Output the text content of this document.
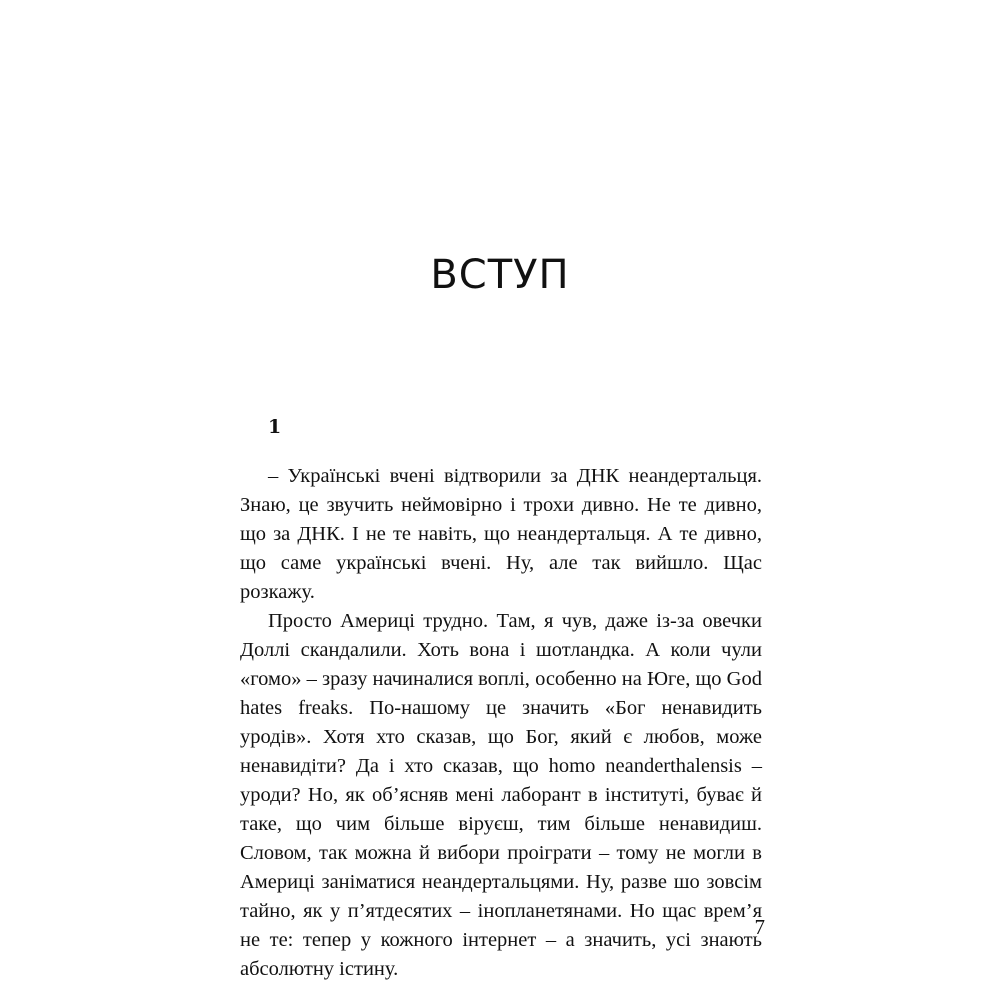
ВСТУП
1

– Українські вчені відтворили за ДНК неандертальця. Знаю, це звучить неймовірно і трохи дивно. Не те дивно, що за ДНК. І не те навіть, що неандертальця. А те дивно, що саме українські вчені. Ну, але так вийшло. Щас розкажу.

Просто Америці трудно. Там, я чув, даже із-за овечки Доллі скандалили. Хоть вона і шотландка. А коли чули «гомо» – зразу начиналися воплі, особенно на Юге, що God hates freaks. По-нашому це значить «Бог ненавидить уродів». Хотя хто сказав, що Бог, який є любов, може ненавидіти? Да і хто сказав, що homo neanderthalensis – уроди? Но, як об’ясняв мені лаборант в інституті, буває й таке, що чим більше віруєш, тим більше ненавидиш. Словом, так можна й вибори проіграти – тому не могли в Америці заніматися неандертальцями. Ну, разве шо зовсім тайно, як у п’ятдесятих – інопланетянами. Но щас врем’я не те: тепер у кожного інтернет – а значить, усі знають абсолютну істину.

7
